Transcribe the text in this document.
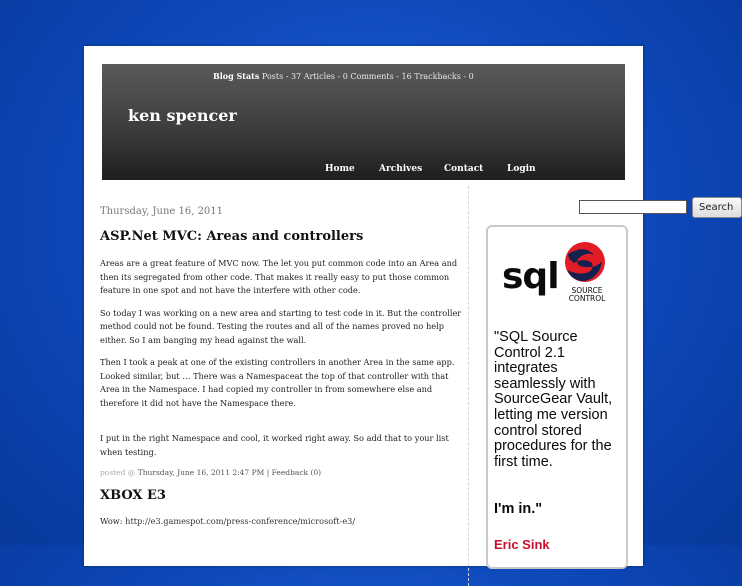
Blog Stats Posts - 37 Articles - 0 Comments - 16 Trackbacks - 0
ken spencer
Home	Archives Contact	Login
Thursday, June 16, 2011
ASP.Net MVC: Areas and controllers

Areas are a great feature of MVC now. The let you put common code into an Area and then its segregated from other code. That makes it really easy to put those common feature in one spot and not have the interfere with other code.

So today I was working on a new area and starting to test code in it. But the controller method could not be found. Testing the routes and all of the names proved no help either. So I am banging my head against the wall.

Then I took a peak at one of the existing controllers in another Area in the same app. Looked similar, but … There was a Namespaceat the top of that controller with that Area in the Namespace. I had copied my controller in from somewhere else and therefore it did not have the Namespace there.

I put in the right Namespace and cool, it worked right away. So add that to your list when testing.

posted @ Thursday, June 16, 2011 2:47 PM | Feedback (0)
XBOX E3
Wow: http://e3.gamespot.com/press-conference/microsoft-e3/
Search
sql	SOURCE
CONTROL
"SQL Source Control 2.1 integrates seamlessly with SourceGear Vault, letting me version control stored procedures for the first time.
I'm in."
Eric Sink
